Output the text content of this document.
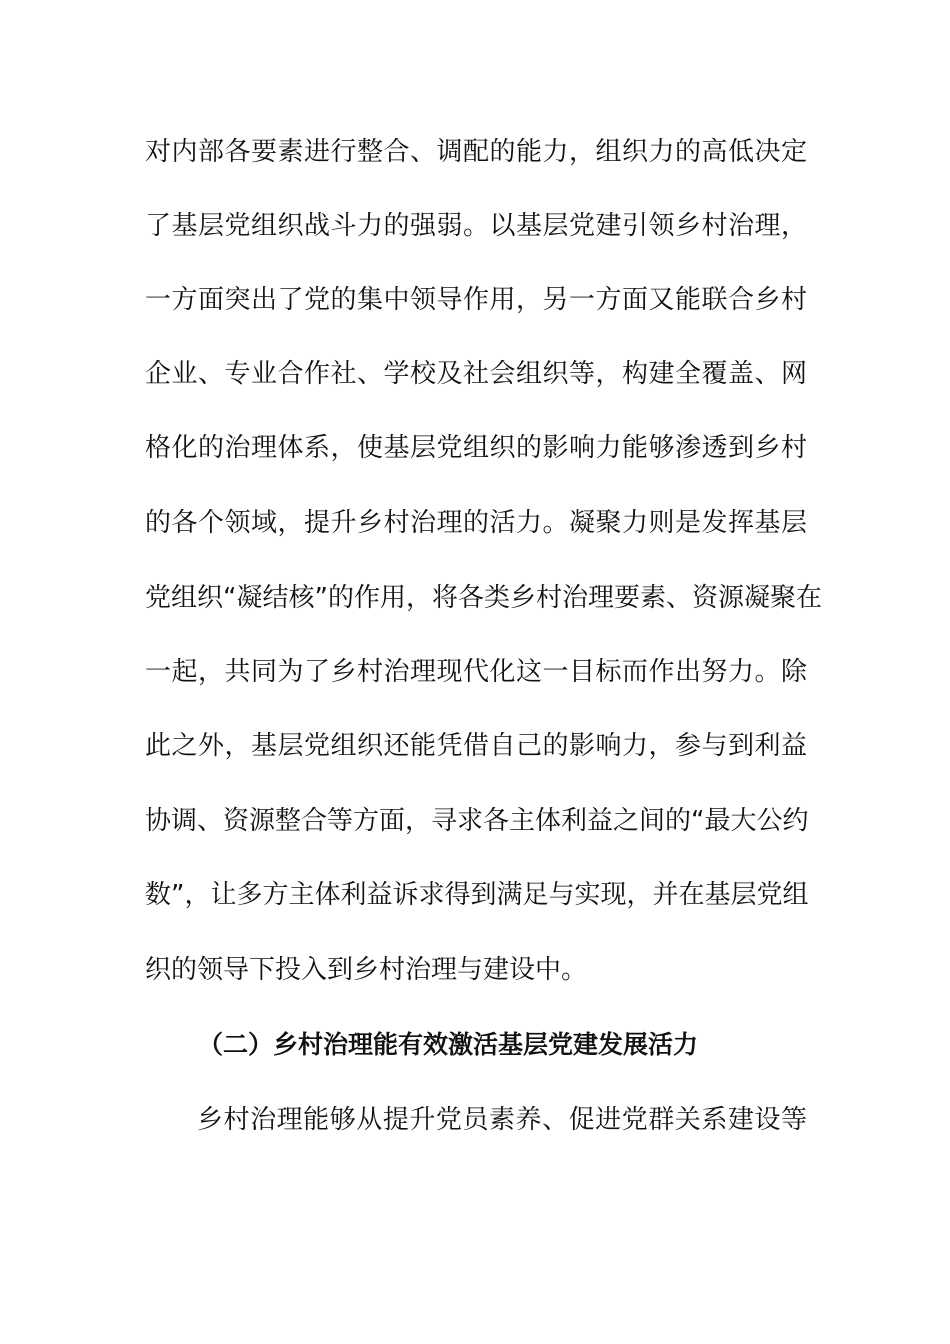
对内部各要素进行整合、调配的能力，组织力的高低决定
了基层党组织战斗力的强弱。以基层党建引领乡村治理，
一方面突出了党的集中领导作用，另一方面又能联合乡村
企业、专业合作社、学校及社会组织等，构建全覆盖、网
格化的治理体系，使基层党组织的影响力能够渗透到乡村
的各个领域，提升乡村治理的活力。凝聚力则是发挥基层
党组织“凝结核”的作用，将各类乡村治理要素、资源凝聚在
一起，共同为了乡村治理现代化这一目标而作出努力。除
此之外，基层党组织还能凭借自己的影响力，参与到利益
协调、资源整合等方面，寻求各主体利益之间的“最大公约
数”，让多方主体利益诉求得到满足与实现，并在基层党组
织的领导下投入到乡村治理与建设中。
（二）乡村治理能有效激活基层党建发展活力
乡村治理能够从提升党员素养、促进党群关系建设等
